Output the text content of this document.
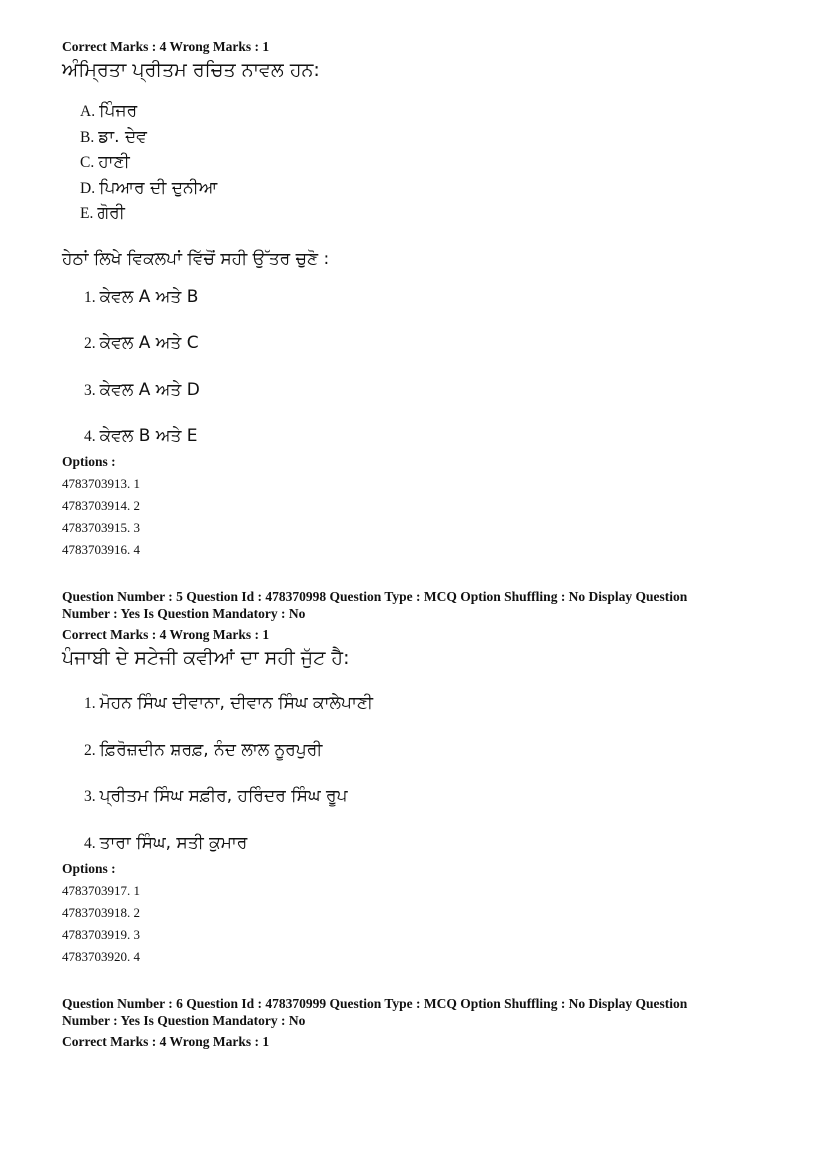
Correct Marks : 4 Wrong Marks : 1
ਅੰਮ੍ਰਿਤਾ ਪ੍ਰੀਤਮ ਰਚਿਤ ਨਾਵਲ ਹਨ:
A. ਪਿੰਜਰ
B. ਡਾ. ਦੇਵ
C. ਹਾਣੀ
D. ਪਿਆਰ ਦੀ ਦੁਨੀਆ
E. ਗੋਰੀ
ਹੇਠਾਂ ਲਿਖੇ ਵਿਕਲਪਾਂ ਵਿੱਚੋਂ ਸਹੀ ਉੱਤਰ ਚੁਣੋ :
1. ਕੇਵਲ A ਅਤੇ B
2. ਕੇਵਲ A ਅਤੇ C
3. ਕੇਵਲ A ਅਤੇ D
4. ਕੇਵਲ B ਅਤੇ E
Options :
4783703913. 1
4783703914. 2
4783703915. 3
4783703916. 4
Question Number : 5 Question Id : 478370998 Question Type : MCQ Option Shuffling : No Display Question
Number : Yes Is Question Mandatory : No
Correct Marks : 4 Wrong Marks : 1
ਪੰਜਾਬੀ ਦੇ ਸਟੇਜੀ ਕਵੀਆਂ ਦਾ ਸਹੀ ਜੁੱਟ ਹੈ:
1. ਮੋਹਨ ਸਿੰਘ ਦੀਵਾਨਾ, ਦੀਵਾਨ ਸਿੰਘ ਕਾਲੇਪਾਣੀ
2. ਫ਼ਿਰੋਜ਼ਦੀਨ ਸ਼ਰਫ਼, ਨੰਦ ਲਾਲ ਨੂਰਪੁਰੀ
3. ਪ੍ਰੀਤਮ ਸਿੰਘ ਸਫ਼ੀਰ, ਹਰਿੰਦਰ ਸਿੰਘ ਰੂਪ
4. ਤਾਰਾ ਸਿੰਘ, ਸਤੀ ਕੁਮਾਰ
Options :
4783703917. 1
4783703918. 2
4783703919. 3
4783703920. 4
Question Number : 6 Question Id : 478370999 Question Type : MCQ Option Shuffling : No Display Question
Number : Yes Is Question Mandatory : No
Correct Marks : 4 Wrong Marks : 1
